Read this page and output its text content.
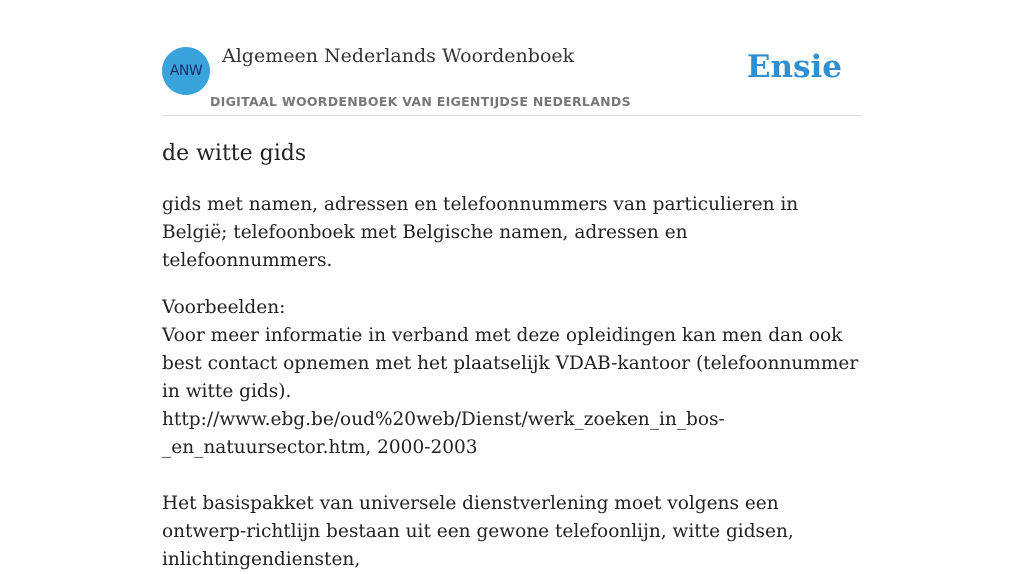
ANW
Algemeen Nederlands Woordenboek
DIGITAAL WOORDENBOEK VAN EIGENTIJDSE NEDERLANDS
Ensie
de witte gids

gids met namen, adressen en telefoonnummers van particulieren in België; telefoonboek met Belgische namen, adressen en telefoonnummers.

Voorbeelden:

Voor meer informatie in verband met deze opleidingen kan men dan ook best contact opnemen met het plaatselijk VDAB-kantoor (telefoonnummer in witte gids).
http://www.ebg.be/oud%20web/Dienst/werk_zoeken_in_bos-_en_natuursector.htm, 2000-2003

Het basispakket van universele dienstverlening moet volgens een ontwerp-richtlijn bestaan uit een gewone telefoonlijn, witte gidsen, inlichtingendiensten,
